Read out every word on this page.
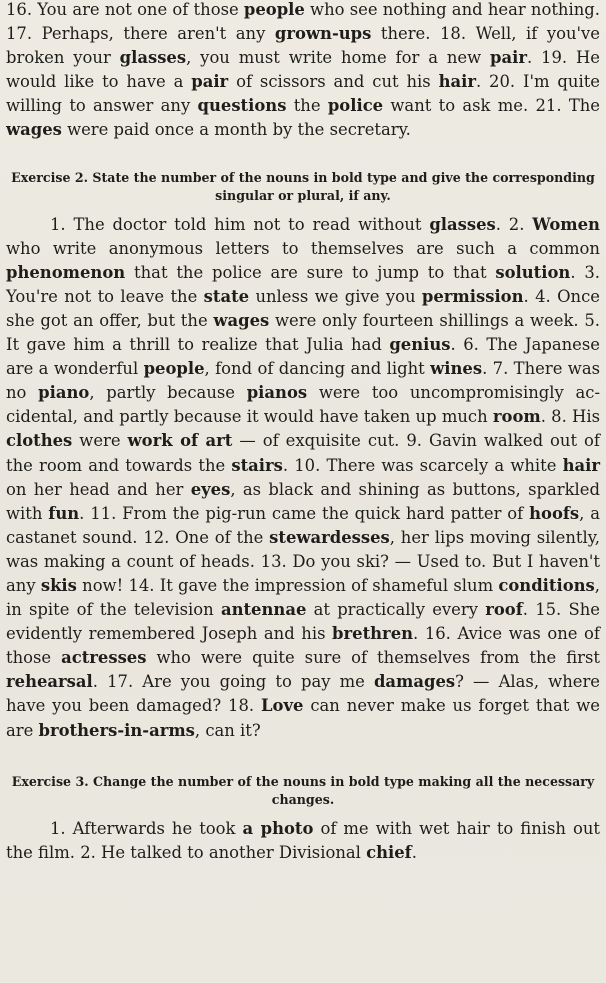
16. You are not one of those people who see nothing and hear nothing. 17. Perhaps, there aren't any grown-ups there. 18. Well, if you've broken your glasses, you must write home for a new pair. 19. He would like to have a pair of scissors and cut his hair. 20. I'm quite willing to answer any questions the police want to ask me. 21. The wages were paid once a month by the secretary.

Exercise 2. State the number of the nouns in bold type and give the corresponding singular or plural, if any.

1. The doctor told him not to read without glasses. 2. Women who write anonymous letters to themselves are such a common phenomenon that the police are sure to jump to that solution. 3. You're not to leave the state unless we give you permission. 4. Once she got an offer, but the wages were only fourteen shillings a week. 5. It gave him a thrill to realize that Julia had genius. 6. The Japanese are a wonderful people, fond of dancing and light wines. 7. There was no piano, partly because pianos were too uncompromisingly accidental, and partly because it would have taken up much room. 8. His clothes were work of art — of exquisite cut. 9. Gavin walked out of the room and towards the stairs. 10. There was scarcely a white hair on her head and her eyes, as black and shining as buttons, sparkled with fun. 11. From the pig-run came the quick hard patter of hoofs, a castanet sound. 12. One of the stewardesses, her lips moving silently, was making a count of heads. 13. Do you ski? — Used to. But I haven't any skis now! 14. It gave the impression of shameful slum conditions, in spite of the television antennae at practically every roof. 15. She evidently remembered Joseph and his brethren. 16. Avice was one of those actresses who were quite sure of themselves from the first rehearsal. 17. Are you going to pay me damages? — Alas, where have you been damaged? 18. Love can never make us forget that we are brothers-in-arms, can it?

Exercise 3. Change the number of the nouns in bold type making all the necessary changes.

1. Afterwards he took a photo of me with wet hair to finish out the film. 2. He talked to another Divisional chief.
